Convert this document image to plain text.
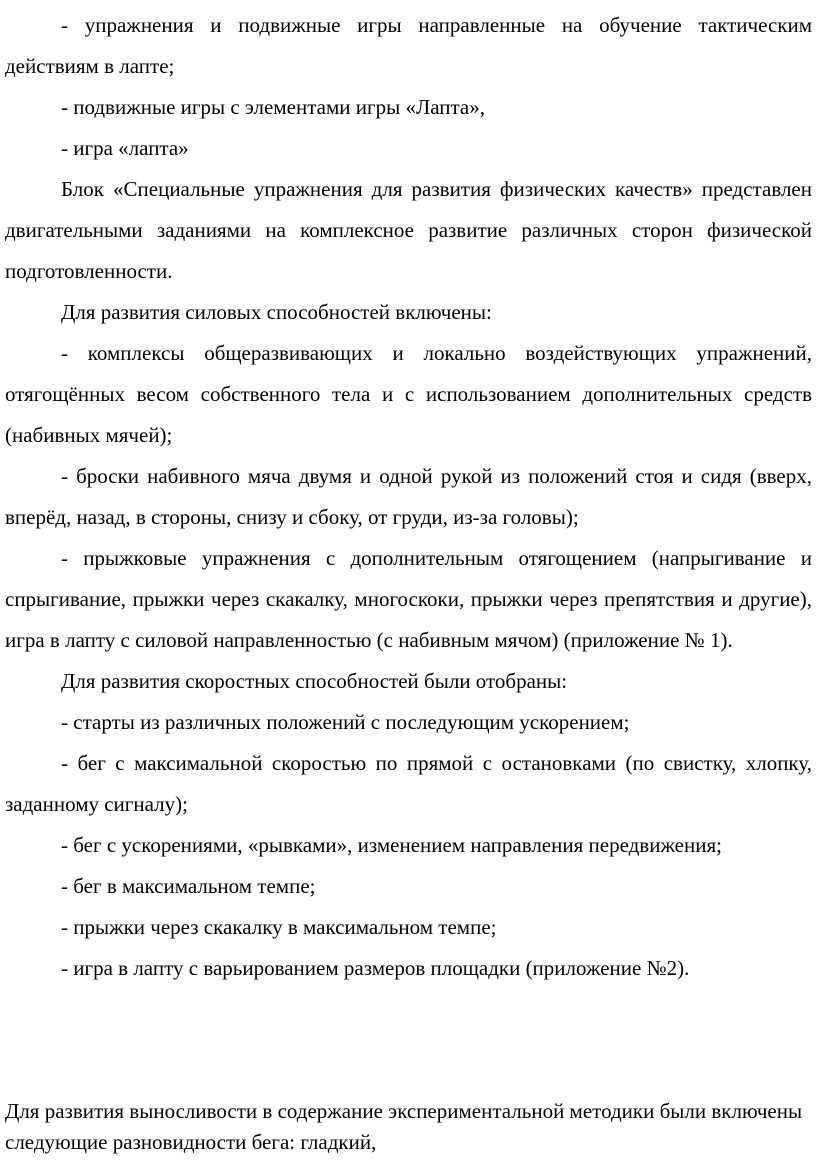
- упражнения и подвижные игры направленные на обучение тактическим действиям в лапте;

- подвижные игры с элементами игры «Лапта»,

- игра «лапта»

Блок «Специальные упражнения для развития физических качеств» представлен двигательными заданиями на комплексное развитие различных сторон физической подготовленности.

Для развития силовых способностей включены:

- комплексы общеразвивающих и локально воздействующих упражнений, отягощённых весом собственного тела и с использованием дополнительных средств (набивных мячей);

- броски набивного мяча двумя и одной рукой из положений стоя и сидя (вверх, вперёд, назад, в стороны, снизу и сбоку, от груди, из-за головы);

- прыжковые упражнения с дополнительным отягощением (напрыгивание и спрыгивание, прыжки через скакалку, многоскоки, прыжки через препятствия и другие), игра в лапту с силовой направленностью (с набивным мячом) (приложение № 1).

Для развития скоростных способностей были отобраны:

- старты из различных положений с последующим ускорением;

- бег с максимальной скоростью по прямой с остановками (по свистку, хлопку, заданному сигналу);

- бег с ускорениями, «рывками», изменением направления передвижения;

- бег в максимальном темпе;

- прыжки через скакалку в максимальном темпе;

- игра в лапту с варьированием размеров площадки (приложение №2).

Для развития выносливости в содержание экспериментальной методики были включены следующие разновидности бега: гладкий,
